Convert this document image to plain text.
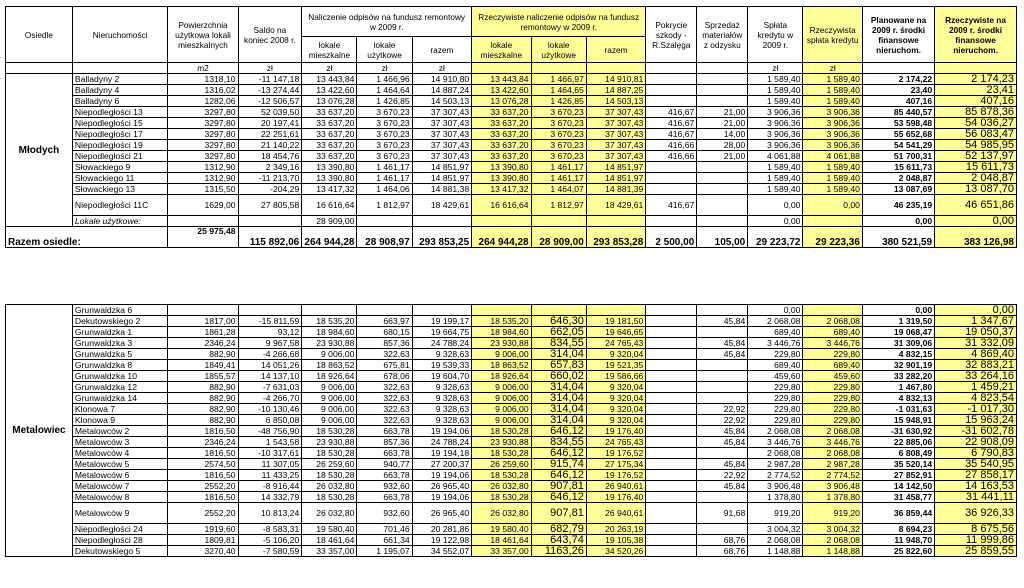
Osiedle	Nieruchomości	Powierzchnia użytkowa lokali mieszkalnych	Saldo na koniec 2008 r.	Naliczenie odpisów na fundusz remontowy w 2009 r.			Rzeczywiste naliczenie odpisów na fundusz remontowy w 2009 r.			Pokrycie szkody - R.Szalęga	Sprzedaż materiałów z odzysku	Spłata kredytu w 2009 r.	Rzeczywista spłata kredytu	Planowane na 2009 r. środki finansowe nieruchom.	Rzeczywiste na 2009 r. środki finansowe nieruchom.
				lokale mieszkalne	lokale użytkowe	razem	lokale mieszkalne	lokale użytkowe	razem						
		m2	zł	zł	zł	zł						zł	zł		
Młodych	Balladyny 2	1318,10	-11 147,18	13 443,84	1 466,96	14 910,80	13 443,84	1 466,97	14 910,81			1 589,40	1 589,40	2 174,22	2 174,23
	Balladyny 4	1316,02	-13 274,44	13 422,60	1 464,64	14 887,24	13 422,60	1 464,65	14 887,25			1 589,40	1 589,40	23,40	23,41
	Balladyny 6	1282,06	-12 506,57	13 076,28	1 426,85	14 503,13	13 076,28	1 426,85	14 503,13			1 589,40	1 589,40	407,16	407,16
	Niepodległości 13	3297,80	52 039,50	33 637,20	3 670,23	37 307,43	33 637,20	3 670,23	37 307,43	416,67	21,00	3 906,36	3 906,36	85 440,57	85 878,36
	Niepodległości 15	3297,80	20 197,41	33 637,20	3 670,23	37 307,43	33 637,20	3 670,23	37 307,43	416,67	21,00	3 906,36	3 906,36	53 598,48	54 036,27
	Niepodległości 17	3297,80	22 251,61	33 637,20	3 670,23	37 307,43	33 637,20	3 670,23	37 307,43	416,67	14,00	3 906,36	3 906,36	55 652,68	56 083,47
	Niepodległości 19	3297,80	21 140,22	33 637,20	3 670,23	37 307,43	33 637,20	3 670,23	37 307,43	416,66	28,00	3 906,36	3 906,36	54 541,29	54 985,95
	Niepodległości 21	3297,80	18 454,76	33 637,20	3 670,23	37 307,43	33 637,20	3 670,23	37 307,43	416,66	21,00	4 061,88	4 061,88	51 700,31	52 137,97
	Słowackiego 9	1312,90	2 349,16	13 390,80	1 461,17	14 851,97	13 390,80	1 461,17	14 851,97			1 589,40	1 589,40	15 611,73	15 611,73
	Słowackiego 11	1312,90	-11 213,70	13 390,80	1 461,17	14 851,97	13 390,80	1 461,17	14 851,97			1 589,40	1 589,40	2 048,87	2 048,87
	Słowackiego 13	1315,50	-204,29	13 417,32	1 464,06	14 881,38	13 417,32	1 464,07	14 881,39			1 589,40	1 589,40	13 087,69	13 087,70
	Niepodległości 11C	1629,00	27 805,58	16 616,64	1 812,97	18 429,61	16 616,64	1 812,97	18 429,61	416,67		0,00	0,00	46 235,19	46 651,86
	Lokale użytkowe:			28 909,00								0,00		0,00	0,00
Razem osiedle:		25 975,48	115 892,06	264 944,28	28 908,97	293 853,25	264 944,28	28 909,00	293 853,28	2 500,00	105,00	29 223,72	29 223,36	380 521,59	383 126,98
Metalowiec	Grunwaldzka 6											0,00		0,00	0,00
	Dekutowskiego 2	1817,00	-15 811,59	18 535,20	663,97	19 199,17	18 535,20	646,30	19 181,50		45,84	2 068,08	2 068,08	1 319,50	1 347,67
	Grunwaldzka 1	1861,28	93,12	18 984,60	680,15	19 664,75	18 984,60	662,05	19 646,65			689,40	689,40	19 068,47	19 050,37
	Grunwaldzka 3	2346,24	9 967,58	23 930,88	857,36	24 788,24	23 930,88	834,55	24 765,43		45,84	3 446,76	3 446,76	31 309,06	31 332,09
	Grunwaldzka 5	882,90	-4 266,68	9 006,00	322,63	9 328,63	9 006,00	314,04	9 320,04		45,84	229,80	229,80	4 832,15	4 869,40
	Grunwaldzka 8	1849,41	14 051,26	18 863,52	675,81	19 539,33	18 863,52	657,83	19 521,35			689,40	689,40	32 901,19	32 883,21
	Grunwaldzka 10	1855,57	14 137,10	18 926,64	678,06	19 604,70	18 926,64	660,02	19 586,66			459,60	459,60	33 282,20	33 264,16
	Grunwaldzka 12	882,90	-7 631,03	9 006,00	322,63	9 328,63	9 006,00	314,04	9 320,04			229,80	229,80	1 467,80	1 459,21
	Grunwaldzka 14	882,90	-4 266,70	9 006,00	322,63	9 328,63	9 006,00	314,04	9 320,04			229,80	229,80	4 832,13	4 823,54
	Klonowa 7	882,90	-10 130,46	9 006,00	322,63	9 328,63	9 006,00	314,04	9 320,04		22,92	229,80	229,80	-1 031,63	-1 017,30
	Klonowa 9	882,90	6 850,08	9 006,00	322,63	9 328,63	9 006,00	314,04	9 320,04		22,92	229,80	229,80	15 948,91	15 963,24
	Metalowców 2	1816,50	-48 756,90	18 530,28	663,78	19 194,06	18 530,28	646,12	19 176,40		45,84	2 068,08	2 068,08	-31 630,92	-31 602,78
	Metalowców 3	2346,24	1 543,58	23 930,88	857,36	24 788,24	23 930,88	834,55	24 765,43		45,84	3 446,76	3 446,76	22 885,06	22 908,09
	Metalowców 4	1816,50	-10 317,61	18 530,28	663,78	19 194,18	18 530,28	646,12	19 176,52			2 068,08	2 068,08	6 808,49	6 790,83
	Metalowców 5	2574,50	11 307,05	26 259,60	940,77	27 200,37	26 259,60	915,74	27 175,34		45,84	2 987,28	2 987,28	35 520,14	35 540,95
	Metalowców 6	1816,50	11 433,25	18 530,28	663,78	19 194,06	18 530,28	646,12	19 176,52		22,92	2 774,52	2 774,52	27 852,91	27 858,17
	Metalowców 7	2552,20	-8 916,44	26 032,80	932,60	26 965,40	26 032,80	907,81	26 940,61		45,84	3 906,48	3 906,48	14 142,50	14 163,53
	Metalowców 8	1816,50	14 332,79	18 530,28	663,78	19 194,06	18 530,28	646,12	19 176,40			1 378,80	1 378,80	31 458,77	31 441,11
	Metalowców 9	2552,20	10 813,24	26 032,80	932,60	26 965,40	26 032,80	907,81	26 940,61		91,68	919,20	919,20	36 859,44	36 926,33
	Niepodległości 24	1919,60	-8 583,31	19 580,40	701,46	20 281,86	19 580,40	682,79	20 263,19			3 004,32	3 004,32	8 694,23	8 675,56
	Niepodległości 28	1809,81	-5 106,20	18 461,64	661,34	19 122,98	18 461,64	643,74	19 105,38		68,76	2 068,08	2 068,08	11 948,70	11 999,86
	Dekutowskiego 5	3270,40	-7 580,59	33 357,00	1 195,07	34 552,07	33 357,00	1163,26	34 520,26		68,76	1 148,88	1 148,88	25 822,60	25 859,55
